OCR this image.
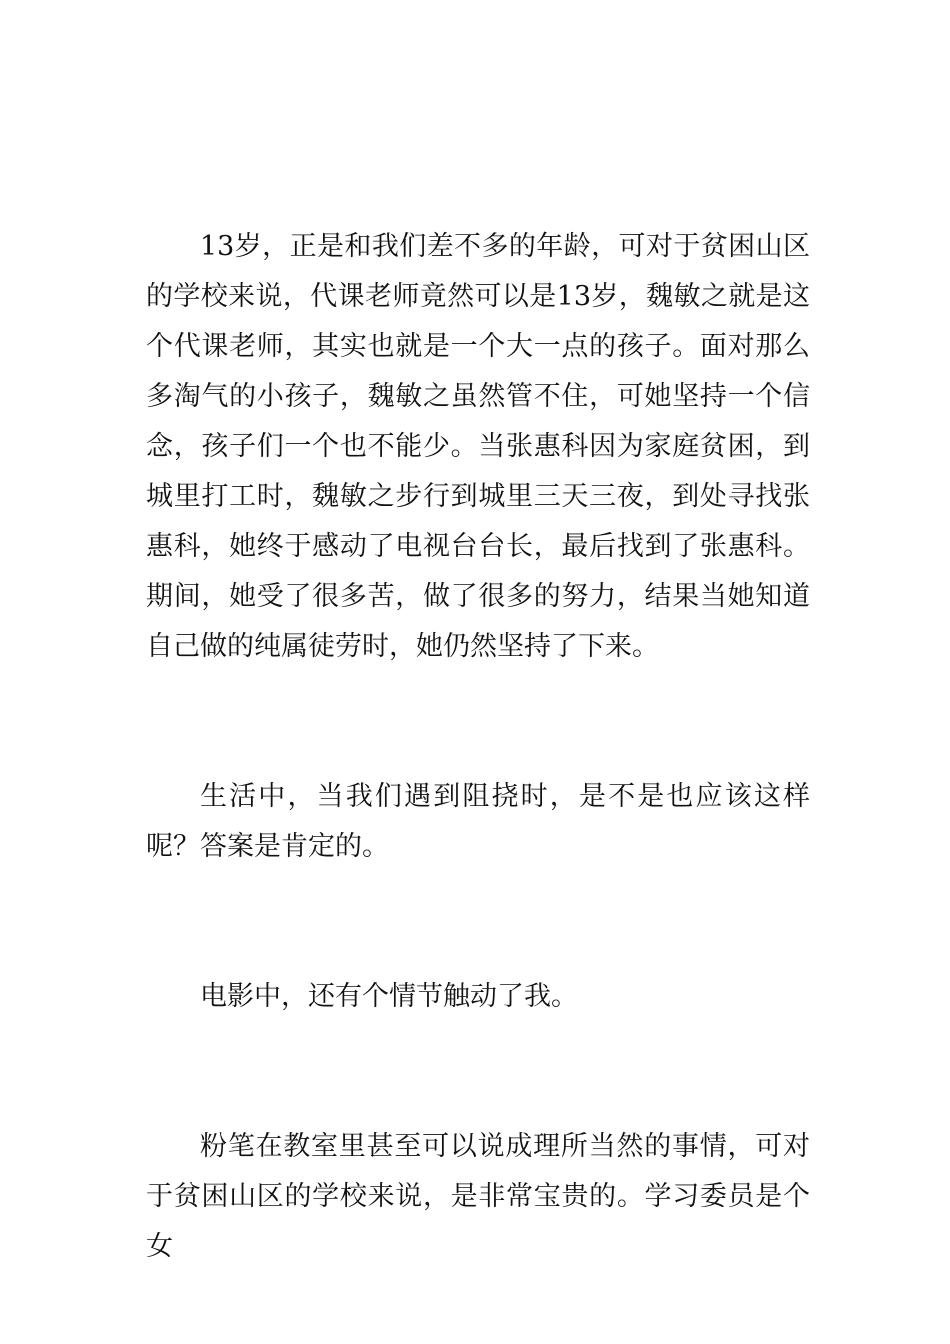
13岁，正是和我们差不多的年龄，可对于贫困山区的学校来说，代课老师竟然可以是13岁，魏敏之就是这个代课老师，其实也就是一个大一点的孩子。面对那么多淘气的小孩子，魏敏之虽然管不住，可她坚持一个信念，孩子们一个也不能少。当张惠科因为家庭贫困，到城里打工时，魏敏之步行到城里三天三夜，到处寻找张惠科，她终于感动了电视台台长，最后找到了张惠科。期间，她受了很多苦，做了很多的努力，结果当她知道自己做的纯属徒劳时，她仍然坚持了下来。

生活中，当我们遇到阻挠时，是不是也应该这样呢？答案是肯定的。

电影中，还有个情节触动了我。

粉笔在教室里甚至可以说成理所当然的事情，可对于贫困山区的学校来说，是非常宝贵的。学习委员是个女
